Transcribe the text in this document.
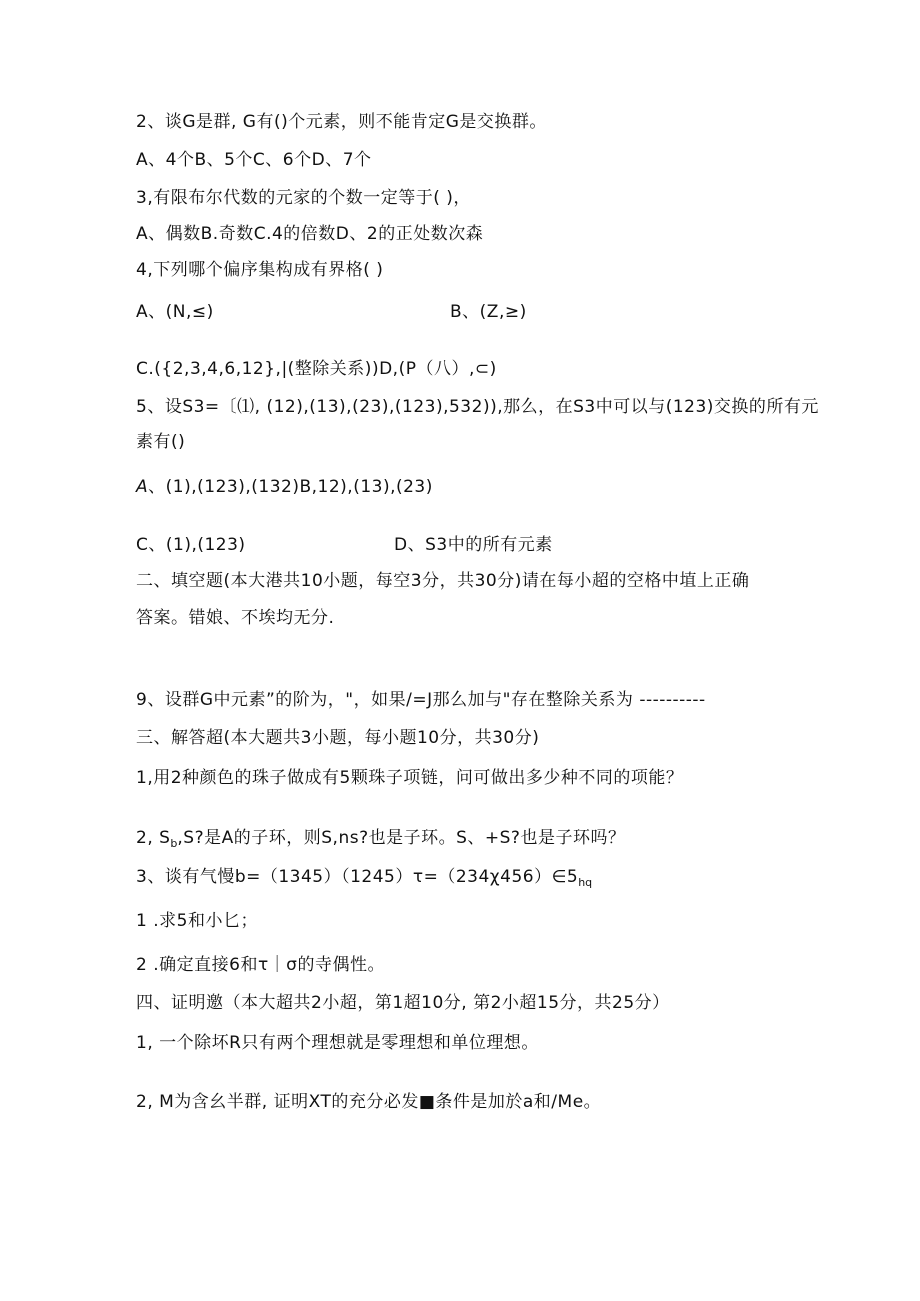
2、谈G是群, G有()个元素，则不能肯定G是交换群。
A、4个B、5个C、6个D、7个
3,有限布尔代数的元家的个数一定等于( )，
A、偶数B.奇数C.4的倍数D、2的正处数次森
4,下列哪个偏序集构成有界格( )
A、(N,≤)	B、(Z,≥)
C.({2,3,4,6,12},|(整除关系))D,(P（八）,⊂)
5、设S3=〔⑴, (12),(13),(23),(123),532)),那么，在S3中可以与(123)交换的所有元
素有()
A、(1),(123),(132)B,12),(13),(23)
C、(1),(123)	D、S3中的所有元素
二、填空题(本大港共10小题，每空3分，共30分)请在每小超的空格中埴上正确
答案。错娘、不埃均无分.
9、设群G中元素”的阶为，"，如果/=J那么加与"存在整除关系为 ----------
三、解答超(本大题共3小题，每小题10分，共30分)
1,用2种颜色的珠子做成有5颗珠子项链，问可做出多少种不同的项能？
2, $S_b,S$?是A的子环，则S,ns?也是子环。S、+S?也是子环吗？
3、谈有气慢$b=(1345)(1245)\tau=(234\chi 456)\in 5_{hq}$
1 .求5和小匕；
2 .确定直接6和τ｜σ的寺偶性。
四、证明邀（本大超共2小超，第1超10分, 第2小超15分，共25分）
1, 一个除坏R只有两个理想就是零理想和单位理想。
2, M为含幺半群, 证明XT的充分必发■条件是加於a和/Me。
